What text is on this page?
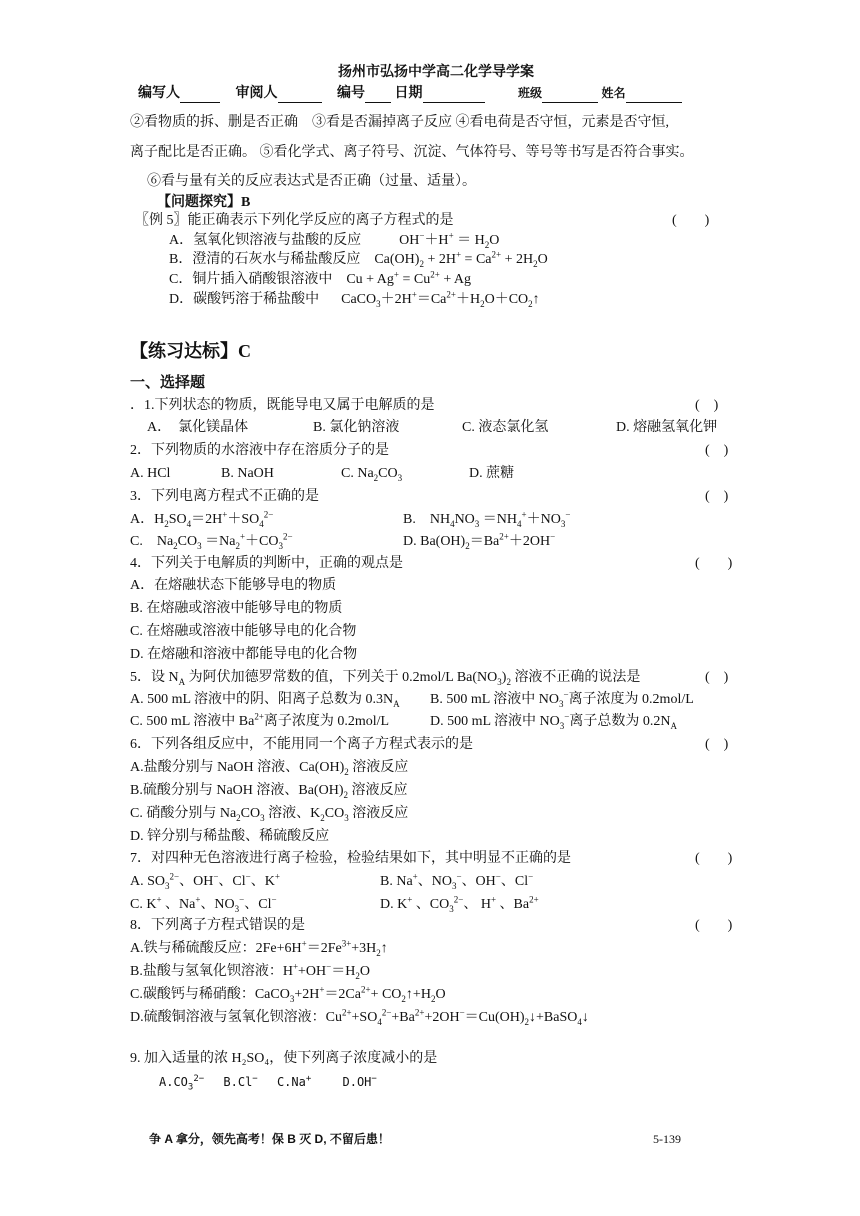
扬州市弘扬中学高二化学导学案
编写人	审阅人	编号 日期	班级	姓名
②看物质的拆、删是否正确　③看是否漏掉离子反应 ④看电荷是否守恒，元素是否守恒,
离子配比是否正确。 ⑤看化学式、离子符号、沉淀、气体符号、等号等书写是否符合事实。
⑥看与量有关的反应表达式是否正确（过量、适量）。
【问题探究】B
〖例 5〗能正确表示下列化学反应的离子方程式的是	(　　)
A．氢氧化钡溶液与盐酸的反应	$OH^-+H^+ = H_2O$
B．澄清的石灰水与稀盐酸反应 $Ca(OH)_2 + 2H^+ = Ca^{2+} + 2H_2O$
C．铜片插入硝酸银溶液中 $Cu + Ag^+ = Cu^{2+} + Ag$
D．碳酸钙溶于稀盐酸中 $CaCO_3+2H^+=Ca^{2+}+H_2O+CO_2↑$
【练习达标】C
一、选择题
．1.下列状态的物质，既能导电又属于电解质的是	(　)
A．　氯化镁晶体	B. 氯化钠溶液	C. 液态氯化氢	D. 熔融氢氧化钾
2．下列物质的水溶液中存在溶质分子的是	(　)
A. HCl	B. NaOH	C. $Na_2CO_3$	D. 蔗糖
3．下列电离方程式不正确的是	(　)
A．$H_2SO_4=2H^++SO_4^{2-}$	B.　$NH_4NO_3 =NH_4^++NO_3^-$
C.　$Na_2CO_3 =Na_2^++CO_3^{2-}$	D. $Ba(OH)_2=Ba^{2+}+2OH^-$
4．下列关于电解质的判断中，正确的观点是	(　　)
A．在熔融状态下能够导电的物质
B. 在熔融或溶液中能够导电的物质
C. 在熔融或溶液中能够导电的化合物
D. 在熔融和溶液中都能导电的化合物
5．设 $N_A$ 为阿伏加德罗常数的值，下列关于 0.2mol/L $Ba(NO_3)_2$ 溶液不正确的说法是	(　)
A. 500 mL 溶液中的阴、阳离子总数为 $0.3N_A$ B. 500 mL 溶液中 $NO_3^-$离子浓度为 0.2mol/L
C. 500 mL 溶液中 $Ba^{2+}$离子浓度为 0.2mol/L	D. 500 mL 溶液中 $NO_3^-$离子总数为 $0.2N_A$
6．下列各组反应中，不能用同一个离子方程式表示的是	(　)
A.盐酸分别与 NaOH 溶液、$Ca(OH)_2$ 溶液反应
B.硫酸分别与 NaOH 溶液、$Ba(OH)_2$ 溶液反应
C. 硝酸分别与 $Na_2CO_3$ 溶液、$K_2CO_3$ 溶液反应
D. 锌分别与稀盐酸、稀硫酸反应
7．对四种无色溶液进行离子检验，检验结果如下，其中明显不正确的是	(　　)
A. $SO_3^{2-}$、OH−、Cl−、K+	B. Na+、$NO_3^-$、OH−、Cl−
C. K+ 、Na+、$NO_3^-$、Cl−	D. K+ 、$CO_3^{2-}$、 H+ 、$Ba^{2+}$
8．下列离子方程式错误的是	(　　)
A.铁与稀硫酸反应：$2Fe+6H^+=2Fe^{3+}+3H_2↑$
B.盐酸与氢氧化钡溶液：$H^++OH^-=H_2O$
C.碳酸钙与稀硝酸：$CaCO_3+2H^+=2Ca^{2+}+$ $CO_2↑+H_2O$
D.硫酸铜溶液与氢氧化钡溶液：$Cu^{2+}+SO_4^{2-}+Ba^{2+}+2OH^-=Cu(OH)_2↓+BaSO_4↓$
9. 加入适量的浓 H₂SO₄，使下列离子浓度减小的是
$A.CO_3^{2-}$　 B.Cl−　 C.Na+　　 D.OH−
争 A 拿分，领先高考！保 B 灭 D, 不留后患！	5-139
